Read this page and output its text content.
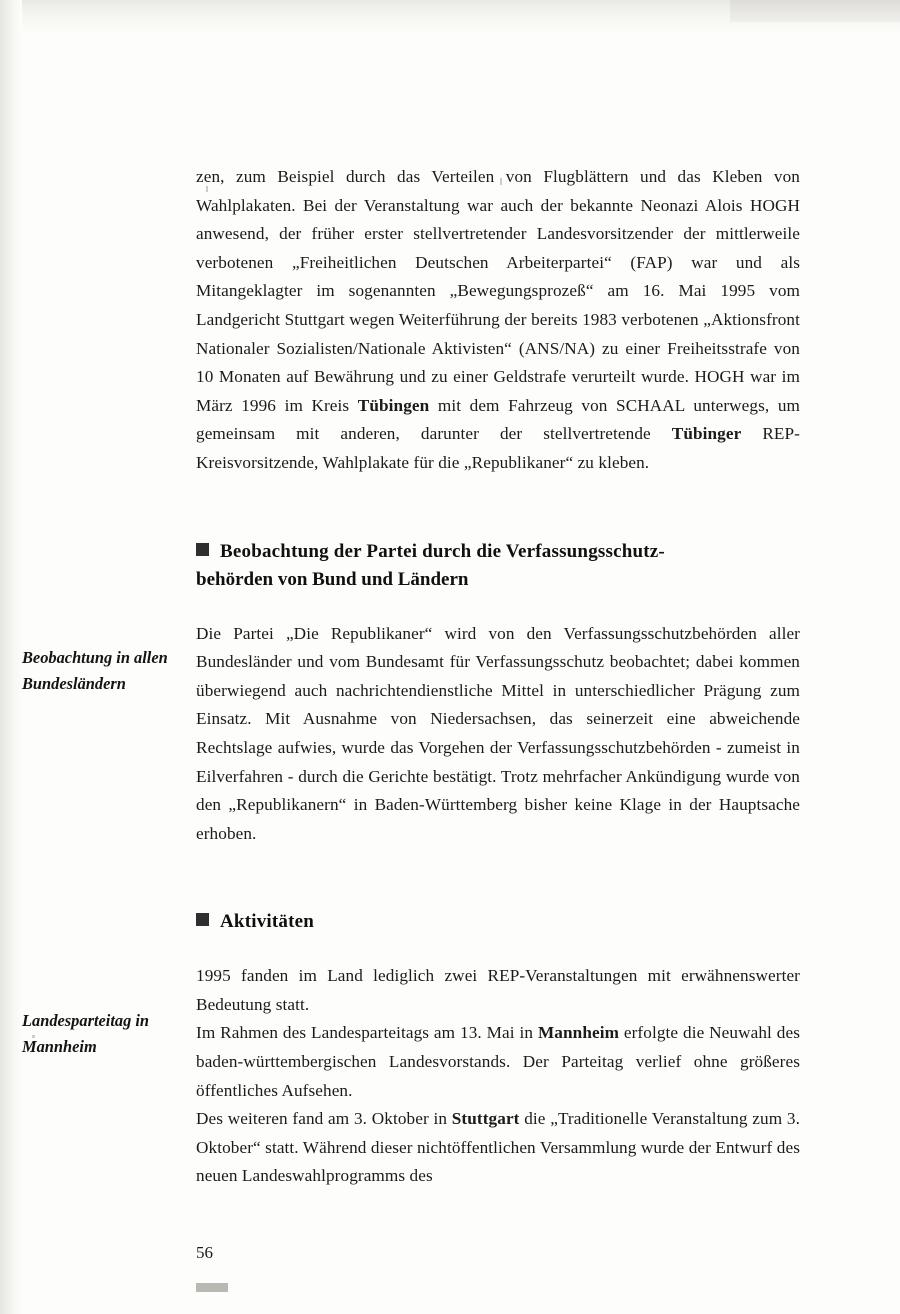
Beobachtung in allen Bundesländern
Landesparteitag in Mannheim

zen, zum Beispiel durch das Verteilen von Flugblättern und das Kleben von Wahlplakaten. Bei der Veranstaltung war auch der bekannte Neonazi Alois HOGH anwesend, der früher erster stellvertretender Landesvorsitzender der mittlerweile verbotenen „Freiheitlichen Deutschen Arbeiterpartei“ (FAP) war und als Mitangeklagter im sogenannten „Bewegungsprozeß“ am 16. Mai 1995 vom Landgericht Stuttgart wegen Weiterführung der bereits 1983 verbotenen „Aktionsfront Nationaler Sozialisten/Nationale Aktivisten“ (ANS/NA) zu einer Freiheitsstrafe von 10 Monaten auf Bewährung und zu einer Geldstrafe verurteilt wurde. HOGH war im März 1996 im Kreis Tübingen mit dem Fahrzeug von SCHAAL unterwegs, um gemeinsam mit anderen, darunter der stellvertretende Tübinger REP-Kreisvorsitzende, Wahlplakate für die „Republikaner“ zu kleben.

Beobachtung der Partei durch die Verfassungsschutz-
behörden von Bund und Ländern

Die Partei „Die Republikaner“ wird von den Verfassungsschutzbehörden aller Bundesländer und vom Bundesamt für Verfassungsschutz beobachtet; dabei kommen überwiegend auch nachrichtendienstliche Mittel in unterschiedlicher Prägung zum Einsatz. Mit Ausnahme von Niedersachsen, das seinerzeit eine abweichende Rechtslage aufwies, wurde das Vorgehen der Verfassungsschutzbehörden - zumeist in Eilverfahren - durch die Gerichte bestätigt. Trotz mehrfacher Ankündigung wurde von den „Republikanern“ in Baden-Württemberg bisher keine Klage in der Hauptsache erhoben.

Aktivitäten

1995 fanden im Land lediglich zwei REP-Veranstaltungen mit erwähnenswerter Bedeutung statt.

Im Rahmen des Landesparteitags am 13. Mai in Mannheim erfolgte die Neuwahl des baden-württembergischen Landesvorstands. Der Parteitag verlief ohne größeres öffentliches Aufsehen.

Des weiteren fand am 3. Oktober in Stuttgart die „Traditionelle Veranstaltung zum 3. Oktober“ statt. Während dieser nichtöffentlichen Versammlung wurde der Entwurf des neuen Landeswahlprogramms des

56
